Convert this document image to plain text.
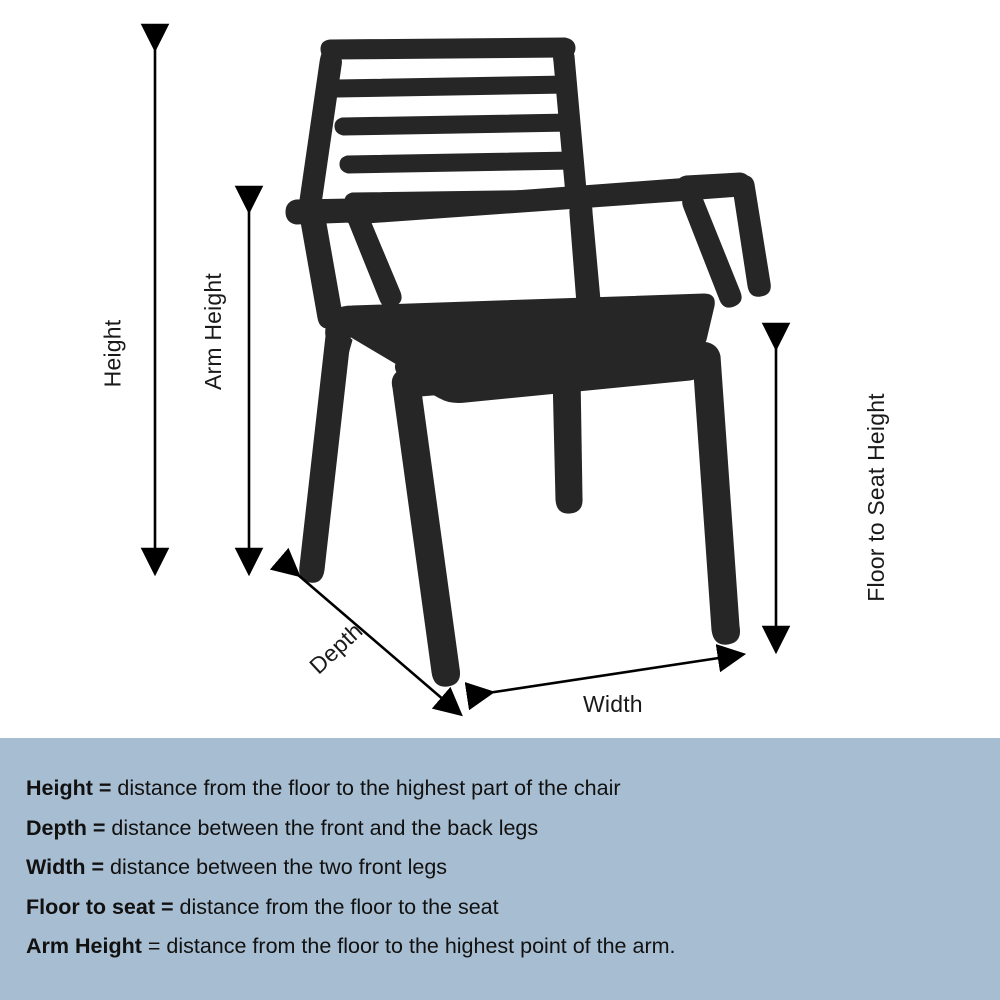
Height	Arm Height
Floor to Seat Height
Depth
Width
Height = distance from the floor to the highest part of the chair
Depth = distance between the front and the back legs
Width = distance between the two front legs
Floor to seat = distance from the floor to the seat
Arm Height = distance from the floor to the highest point of the arm.
